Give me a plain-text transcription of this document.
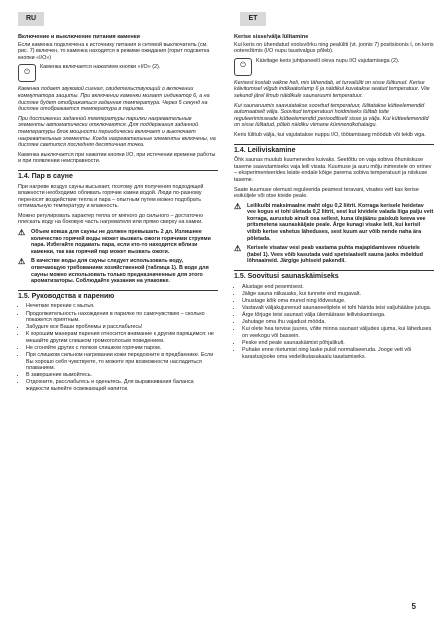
RU	ET
Включение и выключение питания каменки

Если каменка подключена к источнику питания и сетевой выключатель (см. рис. 7) включен, то каменка находится в режиме ожидания (горит подсветка кнопки «I/O»)

⏻
Каменка включается нажатием кнопки «I/O» (2).

Каменка подает звуковой сигнал, свидетельствующий о включении коммутатора защиты. При включении каменки мигает индикатор 6, а на дисплее будет отображаться заданная температура. Через 5 секунд на дисплее отображается температура в парилке.

При достижении заданной температуры парилки нагревательные элементы автоматически отключаются. Для поддержания заданной температуры блок мощности периодически включает и выключает нагревательные элементы. Когда нагревательные элементы включены, на дисплее светится последняя десятичная точка.

Каменка выключается при нажатии кнопки I/O, при истечении времени работы и при появлении неисправности.

1.4. Пар в сауне

При нагреве воздух сауны высыхает, поэтому для получения подходящей влажности необходимо обливать горячие камни водой. Люди по-разному переносят воздействие тепла и пара – опытным путем можно подобрать оптимальную температуру и влажность.

Можно регулировать характер тепла от мягкого до сильного – достаточно плескать воду на боковую часть нагревателя или прямо сверху на камни.

⚠	Объем ковша для сауны не должен превышать 2 дл. Излишнее количество горячей воды может вызвать ожоги горячими струями пара. Избегайте подавать пара, если кто-то находится вблизи каменки, так как горячий пар может вызвать ожоги.
⚠	В качестве воды для сауны следует использовать воду, отвечающую требованиям хозяйственной (таблица 1). В воде для сауны можно использовать только предназначенные для этого ароматизаторы. Соблюдайте указания на упаковке.
1.5. Руководства к парению
• Нечеткие перение с мытья.
• Продолжительность нахождения в парилке по самочувствию – сколько покажется приятным.
• Забудьте все Ваши проблемы и расслабьтесь!
• К хорошим манерам парения относится внимание к другим парящимся: не мешайте другим слишком громкоголосым поведением.
• Не сгоняйте других с полков слишком горячим паром.
• При слишком сильном нагревании кожи передохните в предбаннике. Если Вы хорошо себя чувствуете, то можете при возможности насладиться плаванием.
• В завершение вымойтесь.
• Отдохните, расслабьтесь и оденьтесь. Для выравнивания баланса жидкости выпейте освежающий напиток.
Kerise sisse/välja lülitamine

Kui keris on ühendatud vooluvõrku ning pealüliti (vt. joonis 7) positsioonis I, on keris ooterežiimis (I/O nupu taustvalgus põleb).

⏻
Käivitage keris juhtpaneelil oleva nupu I/O vajutamisega (2).

Kerisest kostab vaikne heli, mis tähendab, et turvalüliti on sisse lülitunud. Kerise käivitumisel vilgub indikaatorlamp 6 ja näidikul kuvatakse seatud temperatuur. Viie sekundi järel ilmub näidikule saunaruumi temperatuur.

Kui saunaruumis saavutatakse soovitud temperatuur, lülitatakse kütteelemendid automaatselt välja. Soovitud temperatuuri hoidmiseks lülitab toite reguleerimisseade kütteelemendid perioodiliselt sisse ja välja. Kui kütteelemendid on sisse lülitatud, põleb näidiku viimane kümnendkohalaigu.

Keris lülitub välja, kui vajutatakse nuppu I/O, töötamisaeg möödub või tekib viga.

1.4. Leiliviskamine

Õhk saunas muutub kuumenedes kuivaks. Seetõttu on vaja sobiva õhuniiskuse taseme saavutamiseks vaja leili visata. Kuumuse ja auru mõju inimestele on erinev – eksperimenteerides leiate endale kõige parema sobiva temperatuuri ja niiskuse taseme.

Saate kuumuse olemust reguleerida peamest teravani, visates vett kas kerise esiküljele või otse kivide peale.

⚠	Leilikulbi maksimaalne maht olgu 0,2 liitrit. Korraga kerisele heidetav vee kogus ei tohi ületada 0,2 liitrit, sest kui kividele valada liiga palju vett korraga, aurustub ainult osa sellest, kuna ülejäänu paiskub keeva vee pritsmetena saunaskäijate peale. Ärge kunagi visake leili, kui kerisil viibib kerise vahetus läheduses, sest kuum aur võib nende naha ära põletada.
⚠	Kerisele visatav vesi peab vastama puhta majapidamisvee nõuetele (tabel 1). Vees võib kasutada vaid spetsiaalselt sauna jaoks mõeldud lõhnaaineid. Järgige juhiseid pakendil.
1.5. Soovitusi saunaskäimiseks
• Alustage end pesemisest.
• Jälige sauna niikauaks, kui tunnete end mugavalt.
• Unustage kõik oma mured ning lõdvestuge.
• Vastavalt väljakujunenud saunaeeetiplele ei tohi häirida teisi valjuhäälse jutuga.
• Ärge tõrjuge teisi saunast välja ülemäärase leiliviskamisega.
• Jahutage oma ihu vajadust mööda.
• Kui olete hea tervise juures, võite minna saunast väljudes ujuma, kui läheduses on veekogu või bassein.
• Peske end peale saunaskäimist põhjalikult.
• Puhake enne riietumist ning laske pulsil normaliseeruda. Jooge vett või karastusjooke oma vedelikutasakaalu taastamiseks.
5
